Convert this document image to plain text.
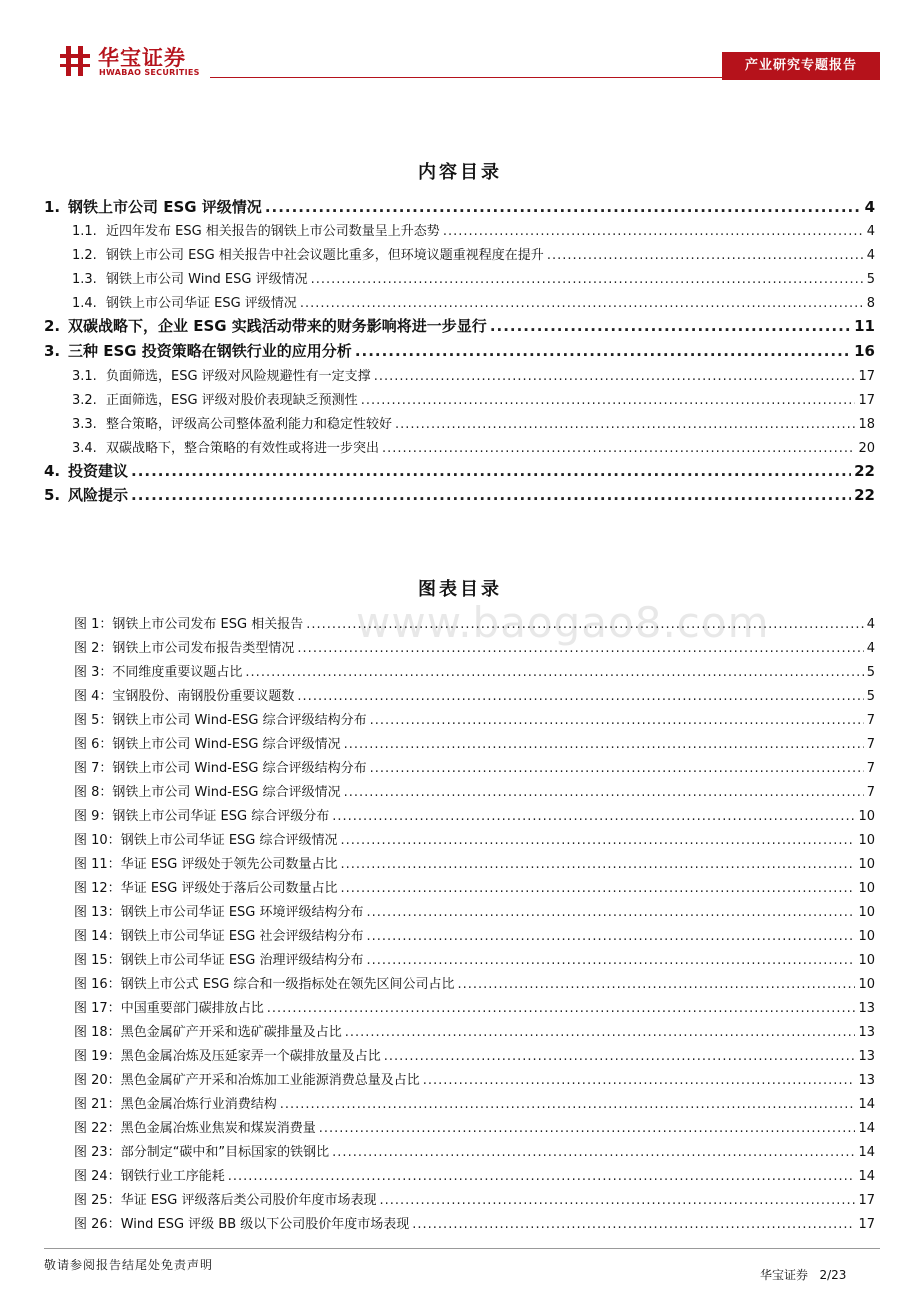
华宝证券
HWABAO SECURITIES	产业研究专题报告
内容目录
1. 钢铁上市公司 ESG 评级情况 .....	4
1.1. 近四年发布 ESG 相关报告的钢铁上市公司数量呈上升态势 .....	4
1.2. 钢铁上市公司 ESG 相关报告中社会议题比重多，但环境议题重视程度在提升 .....	4
1.3. 钢铁上市公司 Wind ESG 评级情况 .....	5
1.4. 钢铁上市公司华证 ESG 评级情况 .....	8
2. 双碳战略下，企业 ESG 实践活动带来的财务影响将进一步显行 .....	11
3. 三种 ESG 投资策略在钢铁行业的应用分析 .....	16
3.1. 负面筛选，ESG 评级对风险规避性有一定支撑 .....	17
3.2. 正面筛选，ESG 评级对股价表现缺乏预测性 .....	17
3.3. 整合策略，评级高公司整体盈利能力和稳定性较好 .....	18
3.4. 双碳战略下，整合策略的有效性或将进一步突出 .....	20
4. 投资建议 .....	22
5. 风险提示 .....	22
图表目录
www.baogao8.com
图 1：钢铁上市公司发布 ESG 相关报告 .....	4
图 2：钢铁上市公司发布报告类型情况 .....	4
图 3：不同维度重要议题占比 .....	5
图 4：宝钢股份、南钢股份重要议题数 .....	5
图 5：钢铁上市公司 Wind-ESG 综合评级结构分布 .....	7
图 6：钢铁上市公司 Wind-ESG 综合评级情况 .....	7
图 7：钢铁上市公司 Wind-ESG 综合评级结构分布 .....	7
图 8：钢铁上市公司 Wind-ESG 综合评级情况 .....	7
图 9：钢铁上市公司华证 ESG 综合评级分布 .....	10
图 10：钢铁上市公司华证 ESG 综合评级情况 .....	10
图 11：华证 ESG 评级处于领先公司数量占比 .....	10
图 12：华证 ESG 评级处于落后公司数量占比 .....	10
图 13：钢铁上市公司华证 ESG 环境评级结构分布 .....	10
图 14：钢铁上市公司华证 ESG 社会评级结构分布 .....	10
图 15：钢铁上市公司华证 ESG 治理评级结构分布 .....	10
图 16：钢铁上市公式 ESG 综合和一级指标处在领先区间公司占比 .....	10
图 17：中国重要部门碳排放占比 .....	13
图 18：黑色金属矿产开采和选矿碳排量及占比 .....	13
图 19：黑色金属冶炼及压延家弄一个碳排放量及占比 .....	13
图 20：黑色金属矿产开采和冶炼加工业能源消费总量及占比 .....	13
图 21：黑色金属冶炼行业消费结构 .....	14
图 22：黑色金属冶炼业焦炭和煤炭消费量 .....	14
图 23：部分制定“碳中和”目标国家的铁钢比 .....	14
图 24：钢铁行业工序能耗 .....	14
图 25：华证 ESG 评级落后类公司股价年度市场表现 .....	17
图 26：Wind ESG 评级 BB 级以下公司股价年度市场表现 .....	17
敬请参阅报告结尾处免责声明
华宝证券 2/23
